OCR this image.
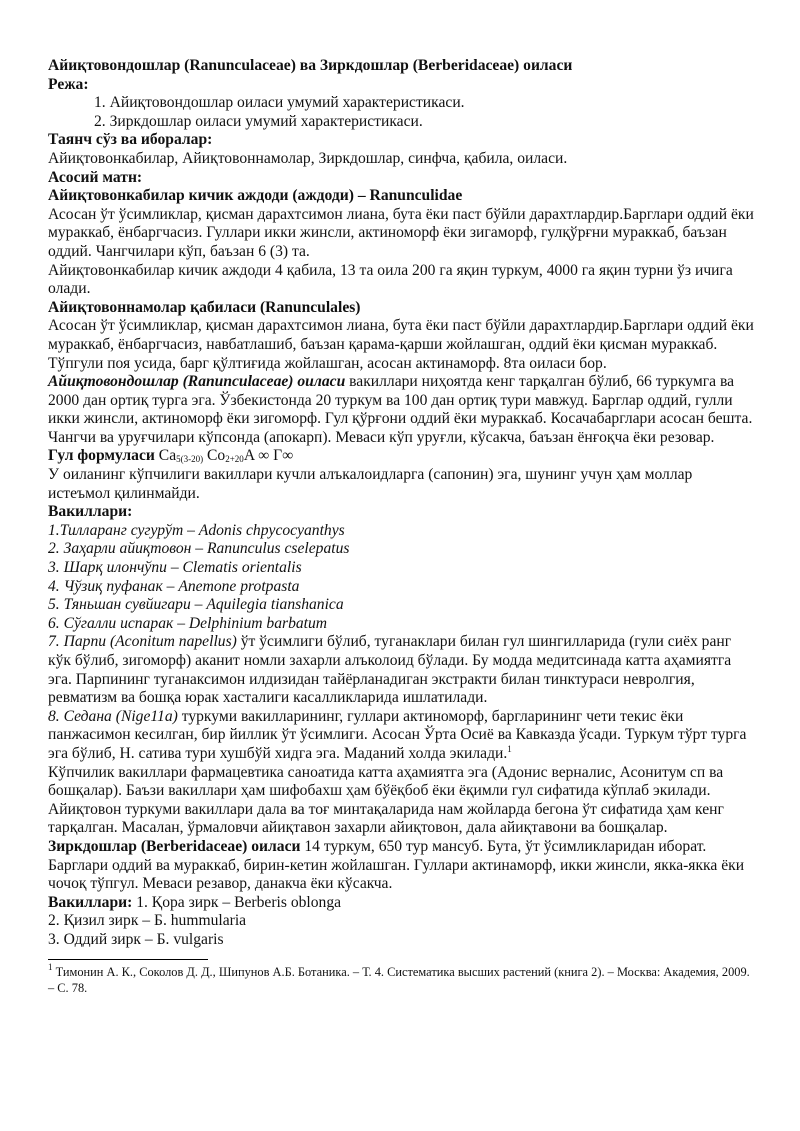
Айиқтовондошлар (Ranunculaceae) ва Зиркдошлар (Berberidaceae) оиласи

Режа:

1. Айиқтовондошлар оиласи умумий характеристикаси.

2. Зиркдошлар оиласи умумий характеристикаси.

Таянч сўз ва иборалар:

Айиқтовонкабилар, Айиқтовоннамолар, Зиркдошлар, синфча, қабила, оиласи.

Асосий матн:

Айиқтовонкабилар кичик аждоди (аждоди) – Ranunculidae

Асосан ўт ўсимликлар, қисман дарахтсимон лиана, бута ёки паст бўйли дарахтлардир.Барглари оддий ёки мураккаб, ёнбаргчасиз. Гуллари икки жинсли, актиноморф ёки зигаморф, гулқўрғни мураккаб, баъзан оддий. Чангчилари кўп, баъзан 6 (3) та.

Айиқтовонкабилар кичик аждоди 4 қабила, 13 та оила 200 га яқин туркум, 4000 га яқин турни ўз ичига олади.

Айиқтовоннамолар қабиласи (Ranunculales)

Асосан ўт ўсимликлар, қисман дарахтсимон лиана, бута ёки паст бўйли дарахтлардир.Барглари оддий ёки мураккаб, ёнбаргчасиз, навбатлашиб, баъзан қарама-қарши жойлашган, оддий ёки қисман мураккаб. Тўпгули поя усида, барг қўлтиғида жойлашган, асосан актинаморф. 8та оиласи бор.

Айиқтовондошлар (Ranunculaceae) оиласи вакиллари ниҳоятда кенг тарқалган бўлиб, 66 туркумга ва 2000 дан ортиқ турга эга. Ўзбекистонда 20 туркум ва 100 дан ортиқ тури мавжуд. Барглар оддий, гулли икки жинсли, актиноморф ёки зигоморф. Гул қўрғони оддий ёки мураккаб. Косачабарглари асосан бешта. Чангчи ва уруғчилари кўпсонда (апокарп). Меваси кўп уруғли, кўсакча, баъзан ёнғоқча ёки резовар.

Гул формуласи $Ca_{5(3-20)}$ $Co_{2+20}A$ ∞ Г∞

У оиланинг кўпчилиги вакиллари кучли алъкалоидларга (сапонин) эга, шунинг учун ҳам моллар истеъмол қилинмайди.

Вакиллари:

1.Тилларанг сугурўт – Adonis chpycocyanthys

2. Заҳарли айиқтовон – Ranunculus cselepatus

3. Шарқ илончўпи – Clematis orientalis

4. Чўзиқ пуфанак – Anemone protpasta

5. Тяньшан сувйигари – Aquilegia tianshanica

6. Сўгалли испарак – Delphinium barbatum

7. Парпи (Aconitum napellus) ўт ўсимлиги бўлиб, туганаклари билан гул шингилларида (гули сиёх ранг кўк бўлиб, зигоморф) аканит номли захарли алъколоид бўлади. Бу модда медитсинада катта аҳамиятга эга. Парпининг туганаксимон илдизидан тайёрланадиган экстракти билан тинктураси невролгия, ревматизм ва бошқа юрак хасталиги касалликларида ишлатилади.

8. Седана (Nige11a) туркуми вакилларининг, гуллари актиноморф, баргларининг чети текис ёки панжасимон кесилган, бир йиллик ўт ўсимлиги. Асосан Ўрта Осиё ва Кавказда ўсади. Туркум тўрт турга эга бўлиб, Н. сатива тури хушбўй хидга эга. Маданий холда экилади.$^1$

Кўпчилик вакиллари фармацевтика саноатида катта аҳамиятга эга (Адонис верналис, Асонитум сп ва бошқалар). Баъзи вакиллари ҳам шифобахш ҳам бўёқбоб ёки ёқимли гул сифатида кўплаб экилади. Айиқтовон туркуми вакиллари дала ва тоғ минтақаларида нам жойларда бегона ўт сифатида ҳам кенг тарқалган. Масалан, ўрмаловчи айиқтавон захарли айиқтовон, дала айиқтавони ва бошқалар.

Зиркдошлар (Berberidaceae) оиласи 14 туркум, 650 тур мансуб. Бута, ўт ўсимликларидан иборат. Барглари оддий ва мураккаб, бирин-кетин жойлашган. Гуллари актинаморф, икки жинсли, якка-якка ёки чочоқ тўпгул. Меваси резавор, данакча ёки кўсакча.

Вакиллари: 1. Қора зирк – Berberis oblonga

2. Қизил зирк – Б. hummularia

3. Оддий зирк – Б. vulgaris

$^1$ Тимонин А. К., Соколов Д. Д., Шипунов А.Б. Ботаника. – Т. 4. Систематика высших растений (книга 2). – Москва: Академия, 2009. – С. 78.
